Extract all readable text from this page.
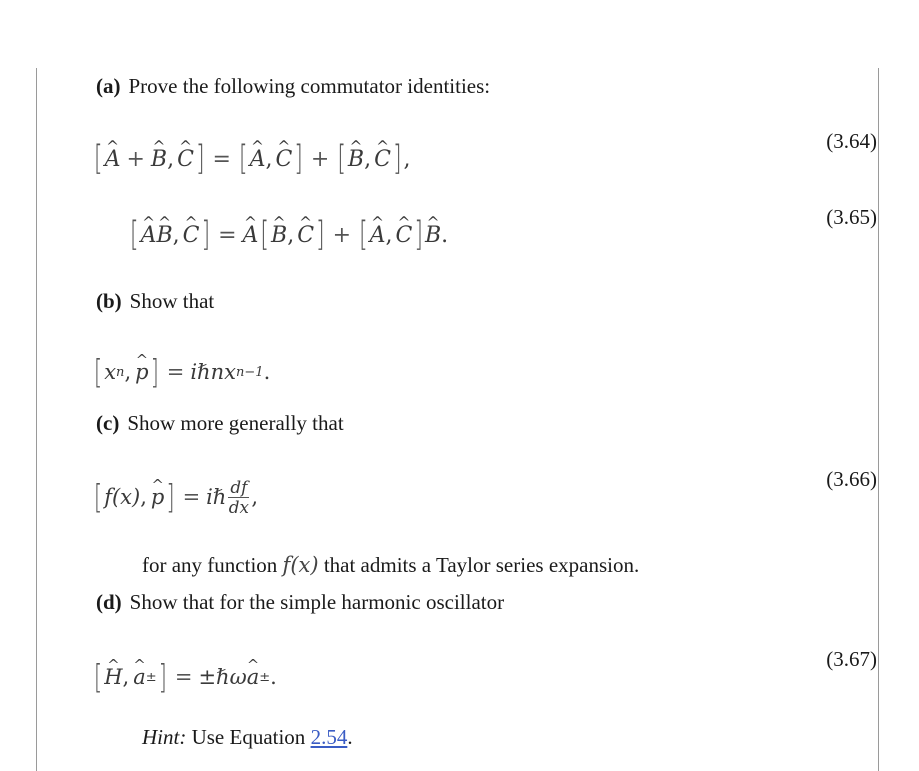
(a) Prove the following commutator identities:
[ ^ A + ^ B , ^ C ] = [ ^ A , ^ C ] + [ ^ B , ^ C ] ,
(3.64)
[ ^ A ^ B , ^ C ] = ^ A [ ^ B , ^ C ] + [ ^ A , ^ C ] ^ B .
(3.65)
(b) Show that
[ x n , ^ p ] = iℏnx n−1 .
(c) Show more generally that
[ f(x) , ^ p ] = iℏ $\frac{df}{dx}$ ,
(3.66)
for any function f(x) that admits a Taylor series expansion.
(d) Show that for the simple harmonic oscillator
[ ^ H , ^ a ± ] = ±ℏω ^ a ± .
(3.67)
Hint: Use Equation 2.54.
